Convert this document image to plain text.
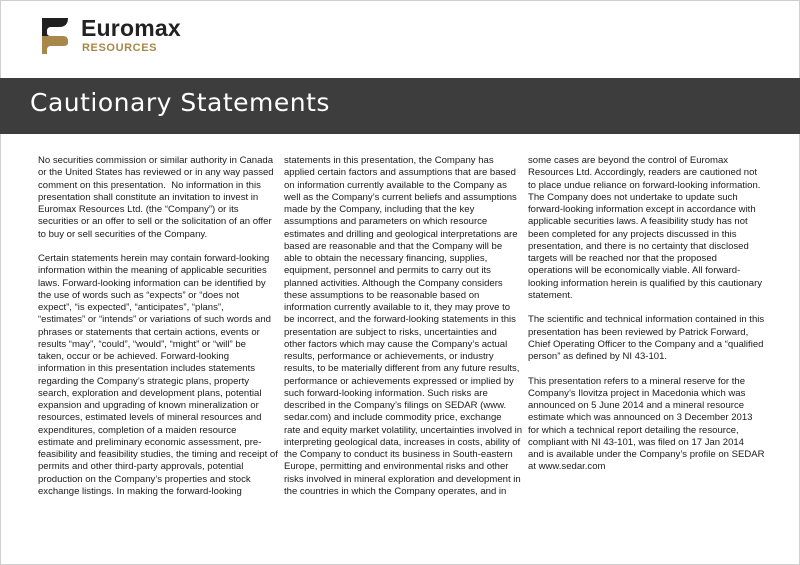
Euromax
RESOURCES
Cautionary Statements

No securities commission or similar authority in Canada
or the United States has reviewed or in any way passed
comment on this presentation.  No information in this
presentation shall constitute an invitation to invest in
Euromax Resources Ltd. (the “Company”) or its
securities or an offer to sell or the solicitation of an offer
to buy or sell securities of the Company.

Certain statements herein may contain forward-looking
information within the meaning of applicable securities
laws. Forward-looking information can be identified by
the use of words such as “expects” or “does not
expect”, “is expected”, “anticipates”, “plans”,
“estimates” or “intends” or variations of such words and
phrases or statements that certain actions, events or
results “may”, “could”, “would”, “might” or “will” be
taken, occur or be achieved. Forward-looking
information in this presentation includes statements
regarding the Company’s strategic plans, property
search, exploration and development plans, potential
expansion and upgrading of known mineralization or
resources, estimated levels of mineral resources and
expenditures, completion of a maiden resource
estimate and preliminary economic assessment, pre-
feasibility and feasibility studies, the timing and receipt of
permits and other third-party approvals, potential
production on the Company’s properties and stock
exchange listings. In making the forward-looking

statements in this presentation, the Company has
applied certain factors and assumptions that are based
on information currently available to the Company as
well as the Company’s current beliefs and assumptions
made by the Company, including that the key
assumptions and parameters on which resource
estimates and drilling and geological interpretations are
based are reasonable and that the Company will be
able to obtain the necessary financing, supplies,
equipment, personnel and permits to carry out its
planned activities. Although the Company considers
these assumptions to be reasonable based on
information currently available to it, they may prove to
be incorrect, and the forward-looking statements in this
presentation are subject to risks, uncertainties and
other factors which may cause the Company’s actual
results, performance or achievements, or industry
results, to be materially different from any future results,
performance or achievements expressed or implied by
such forward-looking information. Such risks are
described in the Company’s filings on SEDAR (www.
sedar.com) and include commodity price, exchange
rate and equity market volatility, uncertainties involved in
interpreting geological data, increases in costs, ability of
the Company to conduct its business in South-eastern
Europe, permitting and environmental risks and other
risks involved in mineral exploration and development in
the countries in which the Company operates, and in

some cases are beyond the control of Euromax
Resources Ltd. Accordingly, readers are cautioned not
to place undue reliance on forward-looking information.
The Company does not undertake to update such
forward-looking information except in accordance with
applicable securities laws. A feasibility study has not
been completed for any projects discussed in this
presentation, and there is no certainty that disclosed
targets will be reached nor that the proposed
operations will be economically viable. All forward-
looking information herein is qualified by this cautionary
statement.

The scientific and technical information contained in this
presentation has been reviewed by Patrick Forward,
Chief Operating Officer to the Company and a “qualified
person” as defined by NI 43-101.

This presentation refers to a mineral reserve for the
Company’s Ilovitza project in Macedonia which was
announced on 5 June 2014 and a mineral resource
estimate which was announced on 3 December 2013
for which a technical report detailing the resource,
compliant with NI 43-101, was filed on 17 Jan 2014
and is available under the Company’s profile on SEDAR
at www.sedar.com
